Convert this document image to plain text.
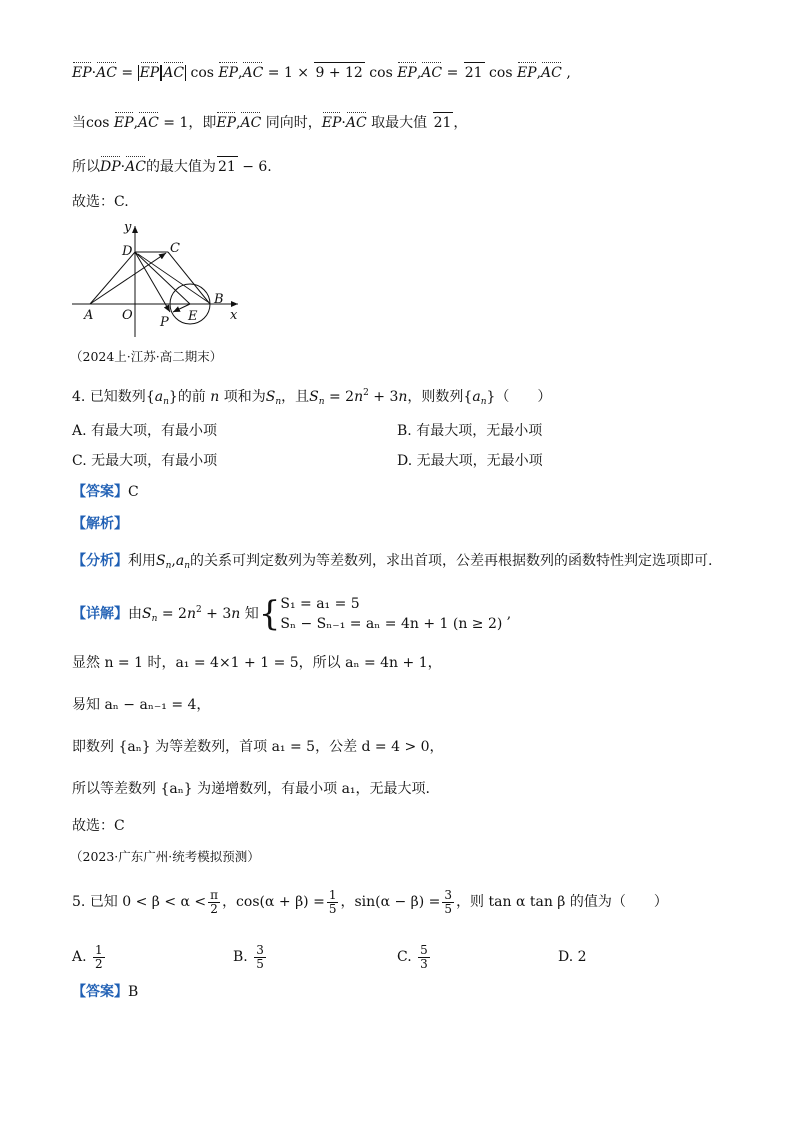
EP·AC = EP AC cos EP,AC = 1 × 9 + 12 cos EP,AC = 21 cos EP,AC ,
当cos EP,AC = 1，即EP,AC 同向时，EP·AC 取最大值 21 ，
所以DP·AC的最大值为 21 − 6.
故选：C.
y
D	C
B
x
A O P E
（2024上·江苏·高二期末）
4. 已知数列$\{a_n\}$的前 n 项和为$S_n$，且$S_n = 2n^2 + 3n$，则数列$\{a_n\}$（　　）
A. 有最大项，有最小项	B. 有最大项，无最小项
C. 无最大项，有最小项	D. 无最大项，无最小项
【答案】C
【解析】
【分析】利用$S_n,a_n$的关系可判定数列为等差数列，求出首项，公差再根据数列的函数特性判定选项即可.
【详解】由$S_n = 2n^2 + 3n$ 知{ S₁ = a₁ = 5
Sₙ − Sₙ₋₁ = aₙ = 4n + 1 (n ≥ 2)
,
显然 n = 1 时，a₁ = 4×1 + 1 = 5，所以 aₙ = 4n + 1，
易知 aₙ − aₙ₋₁ = 4，
即数列 {aₙ} 为等差数列，首项 a₁ = 5，公差 d = 4 > 0，
所以等差数列 {aₙ} 为递增数列，有最小项 a₁，无最大项.
故选：C
（2023·广东广州·统考模拟预测）
5. 已知 $0 < \beta < \alpha < \frac{\pi}{2}$ ，$\cos(\alpha + \beta) = \frac{1}{5}$ ，$\sin(\alpha - \beta) = \frac{3}{5}$ ，则 tan α tan β 的值为（　　）
A. $\frac{1}{2}$	B. $\frac{3}{5}$	C. $\frac{5}{3}$	D. 2
【答案】B
